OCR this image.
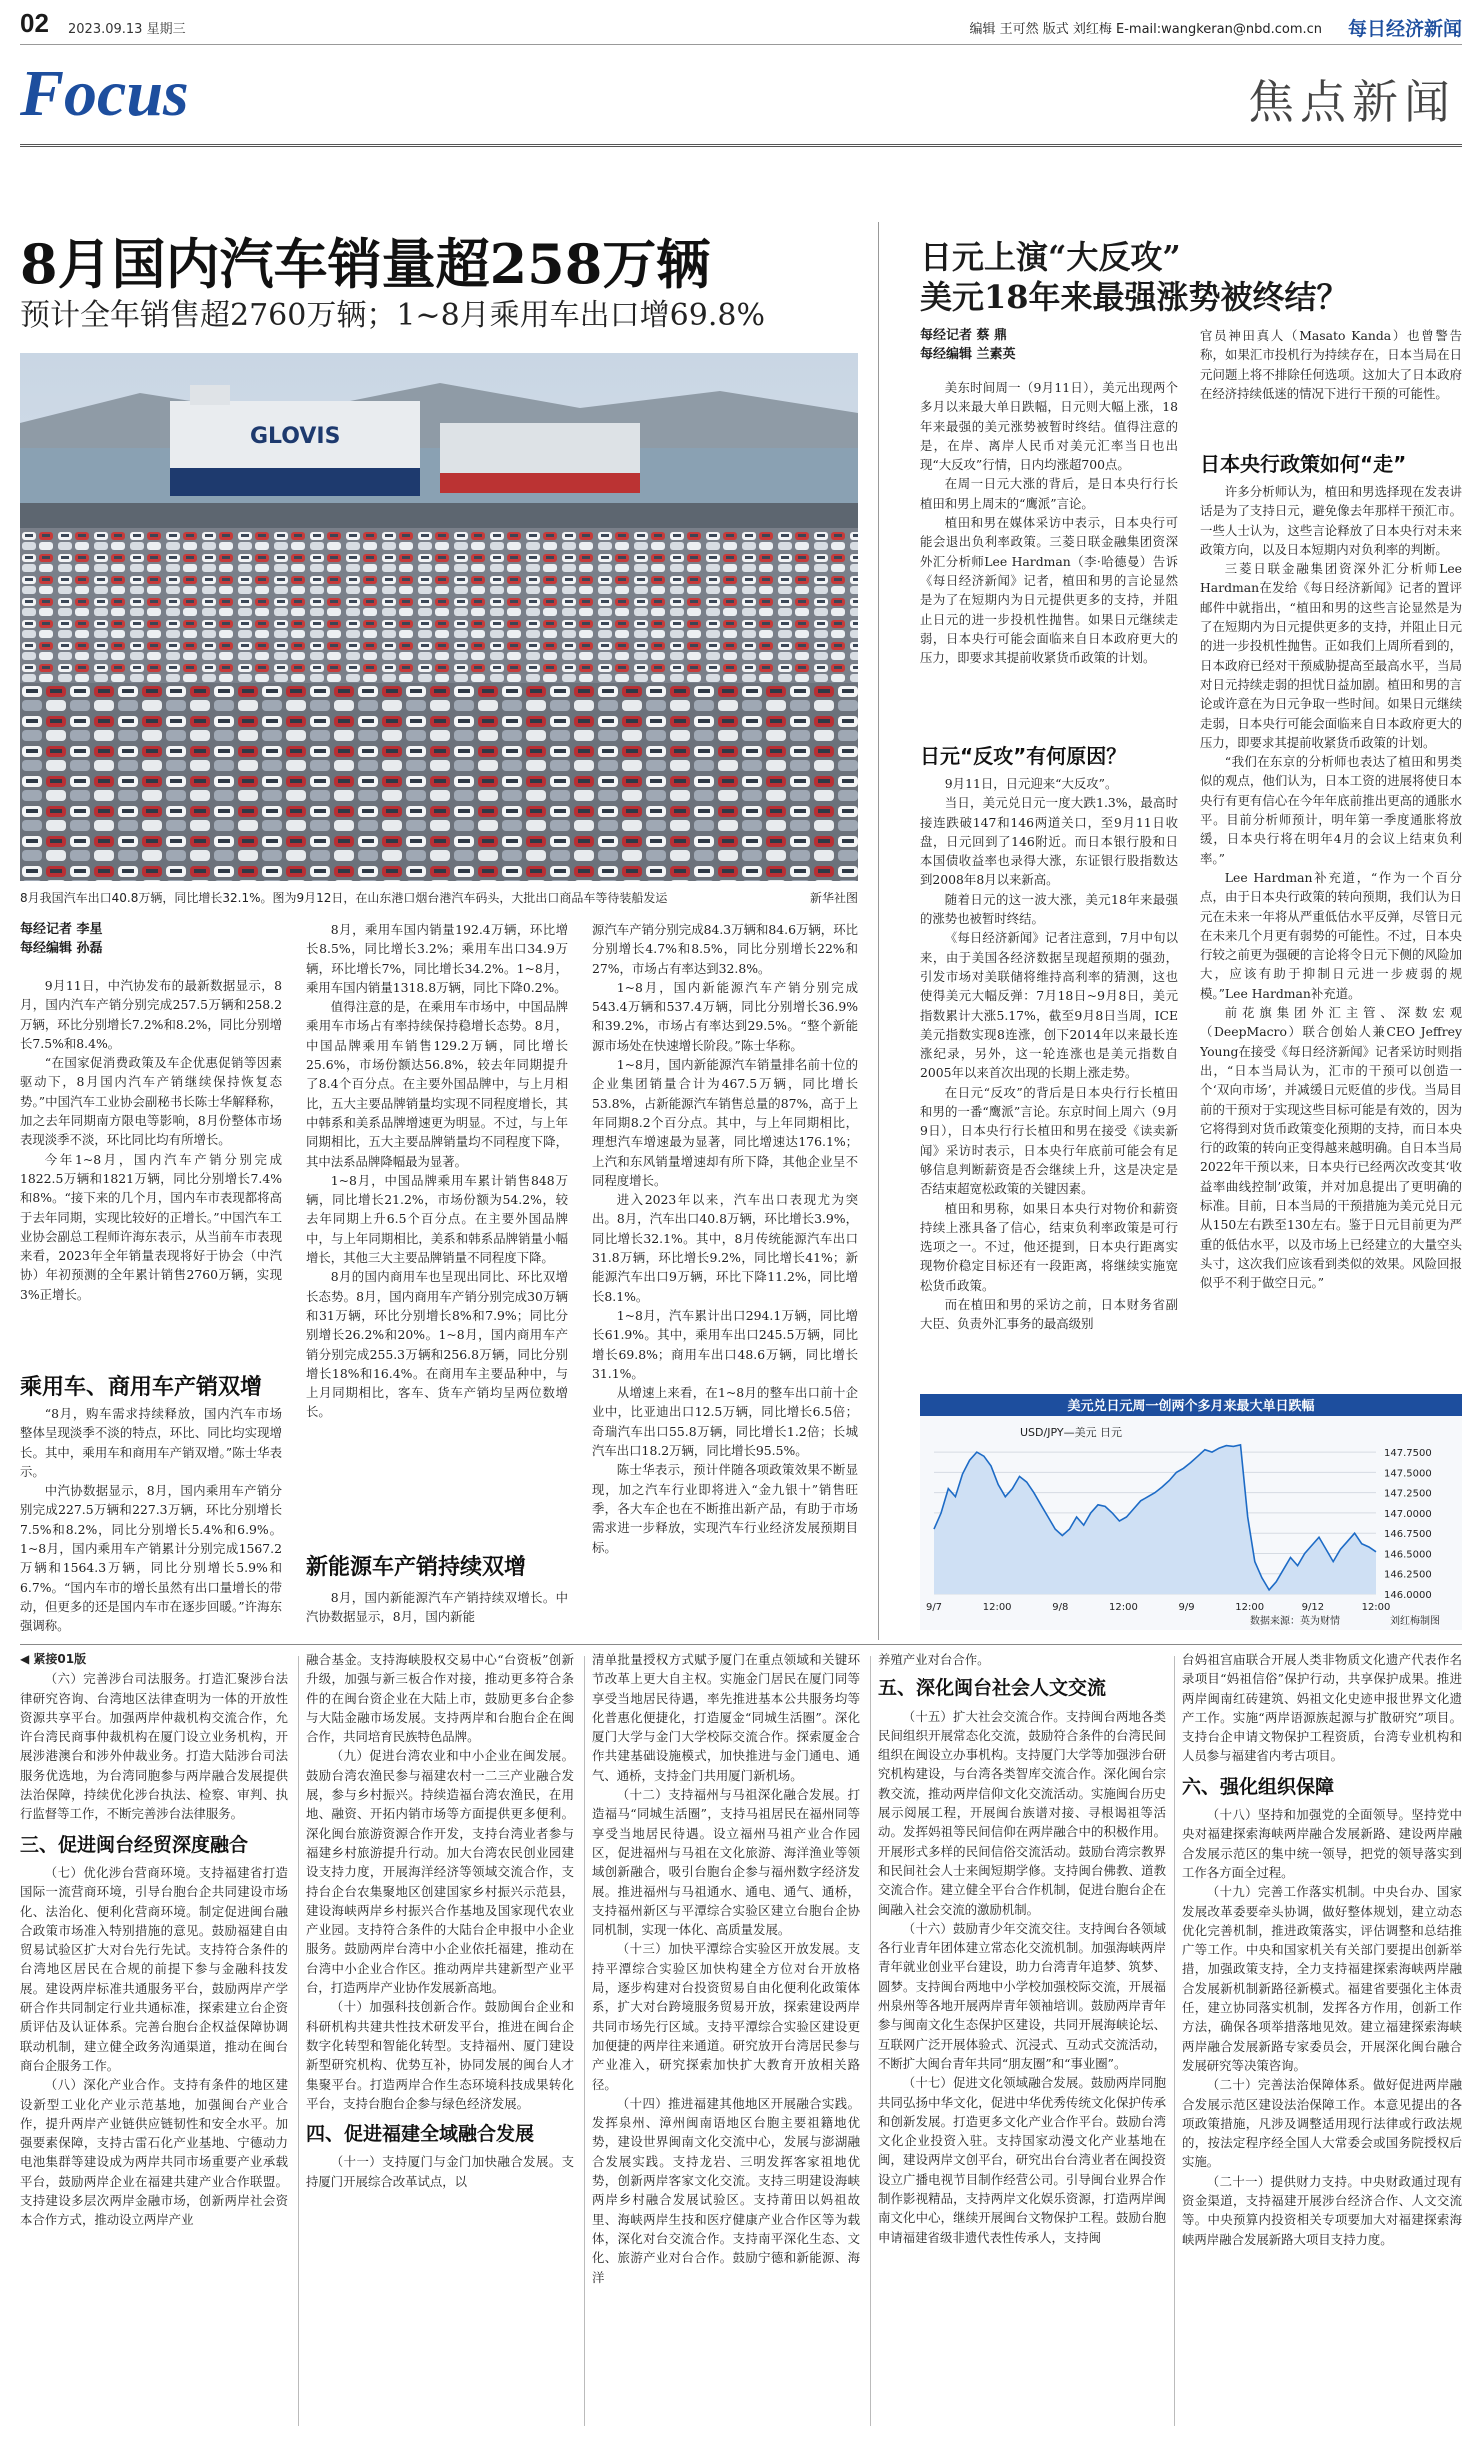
02 2023.09.13 星期三	编辑 王可然 版式 刘红梅 E-mail:wangkeran@nbd.com.cn 每日经济新闻
Focus	焦点新闻
8月国内汽车销量超258万辆
预计全年销售超2760万辆；1~8月乘用车出口增69.8%
GLOVIS
8月我国汽车出口40.8万辆，同比增长32.1%。图为9月12日，在山东港口烟台港汽车码头，大批出口商品车等待装船发运	新华社图
每经记者 李星
每经编辑 孙磊

9月11日，中汽协发布的最新数据显示，8月，国内汽车产销分别完成257.5万辆和258.2万辆，环比分别增长7.2%和8.2%，同比分别增长7.5%和8.4%。

“在国家促消费政策及车企优惠促销等因素驱动下，8月国内汽车产销继续保持恢复态势。”中国汽车工业协会副秘书长陈士华解释称，加之去年同期南方限电等影响，8月份整体市场表现淡季不淡，环比同比均有所增长。

今年1~8月，国内汽车产销分别完成1822.5万辆和1821万辆，同比分别增长7.4%和8%。“接下来的几个月，国内车市表现都将高于去年同期，实现比较好的正增长。”中国汽车工业协会副总工程师许海东表示，从当前车市表现来看，2023年全年销量表现将好于协会（中汽协）年初预测的全年累计销售2760万辆，实现3%正增长。

乘用车、商用车产销双增

“8月，购车需求持续释放，国内汽车市场整体呈现淡季不淡的特点，环比、同比均实现增长。其中，乘用车和商用车产销双增。”陈士华表示。

中汽协数据显示，8月，国内乘用车产销分别完成227.5万辆和227.3万辆，环比分别增长7.5%和8.2%，同比分别增长5.4%和6.9%。1~8月，国内乘用车产销累计分别完成1567.2万辆和1564.3万辆，同比分别增长5.9%和6.7%。“国内车市的增长虽然有出口量增长的带动，但更多的还是国内车市在逐步回暖。”许海东强调称。

8月，乘用车国内销量192.4万辆，环比增长8.5%，同比增长3.2%；乘用车出口34.9万辆，环比增长7%，同比增长34.2%。1~8月，乘用车国内销量1318.8万辆，同比下降0.2%。

值得注意的是，在乘用车市场中，中国品牌乘用车市场占有率持续保持稳增长态势。8月，中国品牌乘用车销售129.2万辆，同比增长25.6%，市场份额达56.8%，较去年同期提升了8.4个百分点。在主要外国品牌中，与上月相比，五大主要品牌销量均实现不同程度增长，其中韩系和美系品牌增速更为明显。不过，与上年同期相比，五大主要品牌销量均不同程度下降，其中法系品牌降幅最为显著。

1~8月，中国品牌乘用车累计销售848万辆，同比增长21.2%，市场份额为54.2%，较去年同期上升6.5个百分点。在主要外国品牌中，与上年同期相比，美系和韩系品牌销量小幅增长，其他三大主要品牌销量不同程度下降。

8月的国内商用车也呈现出同比、环比双增长态势。8月，国内商用车产销分别完成30万辆和31万辆，环比分别增长8%和7.9%；同比分别增长26.2%和20%。1~8月，国内商用车产销分别完成255.3万辆和256.8万辆，同比分别增长18%和16.4%。在商用车主要品种中，与上月同期相比，客车、货车产销均呈两位数增长。

新能源车产销持续双增

8月，国内新能源汽车产销持续双增长。中汽协数据显示，8月，国内新能

源汽车产销分别完成84.3万辆和84.6万辆，环比分别增长4.7%和8.5%，同比分别增长22%和27%，市场占有率达到32.8%。

1~8月，国内新能源汽车产销分别完成543.4万辆和537.4万辆，同比分别增长36.9%和39.2%，市场占有率达到29.5%。“整个新能源市场处在快速增长阶段。”陈士华称。

1~8月，国内新能源汽车销量排名前十位的企业集团销量合计为467.5万辆，同比增长53.8%，占新能源汽车销售总量的87%，高于上年同期8.2个百分点。其中，与上年同期相比，理想汽车增速最为显著，同比增速达176.1%；上汽和东风销量增速却有所下降，其他企业呈不同程度增长。

进入2023年以来，汽车出口表现尤为突出。8月，汽车出口40.8万辆，环比增长3.9%，同比增长32.1%。其中，8月传统能源汽车出口31.8万辆，环比增长9.2%，同比增长41%；新能源汽车出口9万辆，环比下降11.2%，同比增长8.1%。

1~8月，汽车累计出口294.1万辆，同比增长61.9%。其中，乘用车出口245.5万辆，同比增长69.8%；商用车出口48.6万辆，同比增长31.1%。

从增速上来看，在1~8月的整车出口前十企业中，比亚迪出口12.5万辆，同比增长6.5倍；奇瑞汽车出口55.8万辆，同比增长1.2倍；长城汽车出口18.2万辆，同比增长95.5%。

陈士华表示，预计伴随各项政策效果不断显现，加之汽车行业即将进入“金九银十”销售旺季，各大车企也在不断推出新产品，有助于市场需求进一步释放，实现汽车行业经济发展预期目标。

日元上演“大反攻”
美元18年来最强涨势被终结？
每经记者 蔡 鼎
每经编辑 兰素英

美东时间周一（9月11日），美元出现两个多月以来最大单日跌幅，日元则大幅上涨，18年来最强的美元涨势被暂时终结。值得注意的是，在岸、离岸人民币对美元汇率当日也出现“大反攻”行情，日内均涨超700点。

在周一日元大涨的背后，是日本央行行长植田和男上周末的“鹰派”言论。

植田和男在媒体采访中表示，日本央行可能会退出负利率政策。三菱日联金融集团资深外汇分析师Lee Hardman（李·哈德曼）告诉《每日经济新闻》记者，植田和男的言论显然是为了在短期内为日元提供更多的支持，并阻止日元的进一步投机性抛售。如果日元继续走弱，日本央行可能会面临来自日本政府更大的压力，即要求其提前收紧货币政策的计划。

日元“反攻”有何原因？

9月11日，日元迎来“大反攻”。

当日，美元兑日元一度大跌1.3%，最高时接连跌破147和146两道关口，至9月11日收盘，日元回到了146附近。而日本银行股和日本国债收益率也录得大涨，东证银行股指数达到2008年8月以来新高。

随着日元的这一波大涨，美元18年来最强的涨势也被暂时终结。

《每日经济新闻》记者注意到，7月中旬以来，由于美国各经济数据呈现超预期的强劲，引发市场对美联储将维持高利率的猜测，这也使得美元大幅反弹：7月18日~9月8日，美元指数累计大涨5.17%，截至9月8日当周，ICE美元指数实现8连涨，创下2014年以来最长连涨纪录，另外，这一轮连涨也是美元指数自2005年以来首次出现的长期上涨走势。

在日元“反攻”的背后是日本央行行长植田和男的一番“鹰派”言论。东京时间上周六（9月9日），日本央行行长植田和男在接受《读卖新闻》采访时表示，日本央行年底前可能会有足够信息判断薪资是否会继续上升，这是决定是否结束超宽松政策的关键因素。

植田和男称，如果日本央行对物价和薪资持续上涨具备了信心，结束负利率政策是可行选项之一。不过，他还提到，日本央行距离实现物价稳定目标还有一段距离，将继续实施宽松货币政策。

而在植田和男的采访之前，日本财务省副大臣、负责外汇事务的最高级别

官员神田真人（Masato Kanda）也曾警告称，如果汇市投机行为持续存在，日本当局在日元问题上将不排除任何选项。这加大了日本政府在经济持续低迷的情况下进行干预的可能性。

日本央行政策如何“走”

许多分析师认为，植田和男选择现在发表讲话是为了支持日元，避免像去年那样干预汇市。一些人士认为，这些言论释放了日本央行对未来政策方向，以及日本短期内对负利率的判断。

三菱日联金融集团资深外汇分析师Lee Hardman在发给《每日经济新闻》记者的置评邮件中就指出，“植田和男的这些言论显然是为了在短期内为日元提供更多的支持，并阻止日元的进一步投机性抛售。正如我们上周所看到的，日本政府已经对干预威胁提高至最高水平，当局对日元持续走弱的担忧日益加剧。植田和男的言论或许意在为日元争取一些时间。如果日元继续走弱，日本央行可能会面临来自日本政府更大的压力，即要求其提前收紧货币政策的计划。

“我们在东京的分析师也表达了植田和男类似的观点，他们认为，日本工资的进展将使日本央行有更有信心在今年年底前推出更高的通胀水平。目前分析师预计，明年第一季度通胀将放缓，日本央行将在明年4月的会议上结束负利率。”

Lee Hardman补充道，“作为一个百分点，由于日本央行政策的转向预期，我们认为日元在未来一年将从严重低估水平反弹，尽管日元在未来几个月更有弱势的可能性。不过，日本央行较之前更为强硬的言论将令日元下侧的风险加大，应该有助于抑制日元进一步疲弱的规模。”Lee Hardman补充道。

前花旗集团外汇主管、深数宏观（DeepMacro）联合创始人兼CEO Jeffrey Young在接受《每日经济新闻》记者采访时则指出，“日本当局认为，汇市的干预可以创造一个‘双向市场’，并减缓日元贬值的步伐。当局目前的干预对于实现这些目标可能是有效的，因为它将得到对货币政策变化预期的支持，而日本央行的政策的转向正变得越来越明确。自日本当局2022年干预以来，日本央行已经两次改变其‘收益率曲线控制’政策，并对加息提出了更明确的标准。目前，日本当局的干预措施为美元兑日元从150左右跌至130左右。鉴于日元目前更为严重的低估水平，以及市场上已经建立的大量空头头寸，这次我们应该看到类似的效果。风险回报似乎不利于做空日元。”

美元兑日元周一创两个多月来最大单日跌幅
147.7500
147.5000
147.2500
147.0000
146.7500
146.5000
146.2500
146.0000
9/7	12:00	9/8	12:00	9/9	12:00	9/12	12:00
USD/JPY—美元 日元
数据来源：英为财情	刘红梅制图
◀ 紧接01版

（六）完善涉台司法服务。打造汇聚涉台法律研究咨询、台湾地区法律查明为一体的开放性资源共享平台。加强两岸仲裁机构交流合作，允许台湾民商事仲裁机构在厦门设立业务机构，开展涉港澳台和涉外仲裁业务。打造大陆涉台司法服务优选地，为台湾同胞参与两岸融合发展提供法治保障，持续优化涉台执法、检察、审判、执行监督等工作，不断完善涉台法律服务。

三、促进闽台经贸深度融合

（七）优化涉台营商环境。支持福建省打造国际一流营商环境，引导台胞台企共同建设市场化、法治化、便利化营商环境。制定促进闽台融合政策市场准入特别措施的意见。鼓励福建自由贸易试验区扩大对台先行先试。支持符合条件的台湾地区居民在合规的前提下参与金融科技发展。建设两岸标准共通服务平台，鼓励两岸产学研合作共同制定行业共通标准，探索建立台企资质评估及认证体系。完善台胞台企权益保障协调联动机制，建立健全政务沟通渠道，推动在闽台商台企服务工作。

（八）深化产业合作。支持有条件的地区建设新型工业化产业示范基地，加强闽台产业合作，提升两岸产业链供应链韧性和安全水平。加强要素保障，支持古雷石化产业基地、宁德动力电池集群等建设成为两岸共同市场重要产业承载平台，鼓励两岸企业在福建共建产业合作联盟。支持建设多层次两岸金融市场，创新两岸社会资本合作方式，推动设立两岸产业

融合基金。支持海峡股权交易中心“台资板”创新升级，加强与新三板合作对接，推动更多符合条件的在闽台资企业在大陆上市，鼓励更多台企参与大陆金融市场发展。支持两岸和台胞台企在闽合作，共同培育民族特色品牌。

（九）促进台湾农业和中小企业在闽发展。鼓励台湾农渔民参与福建农村一二三产业融合发展，参与乡村振兴。持续造福台湾农渔民，在用地、融资、开拓内销市场等方面提供更多便利。深化闽台旅游资源合作开发，支持台湾业者参与福建乡村旅游提升行动。加大台湾农民创业园建设支持力度，开展海洋经济等领域交流合作，支持台企台农集聚地区创建国家乡村振兴示范县，建设海峡两岸乡村振兴合作基地及国家现代农业产业园。支持符合条件的大陆台企申报中小企业服务。鼓励两岸台湾中小企业依托福建，推动在台湾中小企业合作区。推动两岸共建新型产业平台，打造两岸产业协作发展新高地。

（十）加强科技创新合作。鼓励闽台企业和科研机构共建共性技术研发平台，推进在闽台企数字化转型和智能化转型。支持福州、厦门建设新型研究机构、优势互补，协同发展的闽台人才集聚平台。打造两岸合作生态环境科技成果转化平台，支持台胞台企参与绿色经济发展。

四、促进福建全域融合发展

（十一）支持厦门与金门加快融合发展。支持厦门开展综合改革试点，以

清单批量授权方式赋予厦门在重点领域和关键环节改革上更大自主权。实施金门居民在厦门同等享受当地居民待遇，率先推进基本公共服务均等化普惠化便捷化，打造厦金“同城生活圈”。深化厦门大学与金门大学校际交流合作。探索厦金合作共建基础设施模式，加快推进与金门通电、通气、通桥，支持金门共用厦门新机场。

（十二）支持福州与马祖深化融合发展。打造福马“同城生活圈”，支持马祖居民在福州同等享受当地居民待遇。设立福州马祖产业合作园区，促进福州与马祖在文化旅游、海洋渔业等领域创新融合，吸引台胞台企参与福州数字经济发展。推进福州与马祖通水、通电、通气、通桥，支持福州新区与平潭综合实验区建立台胞台企协同机制，实现一体化、高质量发展。

（十三）加快平潭综合实验区开放发展。支持平潭综合实验区加快构建全方位对台开放格局，逐步构建对台投资贸易自由化便利化政策体系，扩大对台跨境服务贸易开放，探索建设两岸共同市场先行区域。支持平潭综合实验区建设更加便捷的两岸往来通道。研究放开台湾居民参与产业准入，研究探索加快扩大教育开放相关路径。

（十四）推进福建其他地区开展融合实践。发挥泉州、漳州闽南语地区台胞主要祖籍地优势，建设世界闽南文化交流中心，发展与澎湖融合发展实践。支持龙岩、三明发挥客家祖地优势，创新两岸客家文化交流。支持三明建设海峡两岸乡村融合发展试验区。支持莆田以妈祖故里、海峡两岸生技和医疗健康产业合作区等为载体，深化对台交流合作。支持南平深化生态、文化、旅游产业对台合作。鼓励宁德和新能源、海洋

养殖产业对台合作。

五、深化闽台社会人文交流

（十五）扩大社会交流合作。支持闽台两地各类民间组织开展常态化交流，鼓励符合条件的台湾民间组织在闽设立办事机构。支持厦门大学等加强涉台研究机构建设，与台湾各类智库交流合作。深化闽台宗教交流，推动两岸信仰文化交流活动。实施闽台历史展示阅展工程，开展闽台族谱对接、寻根谒祖等活动。发挥妈祖等民间信仰在两岸融合中的积极作用。开展形式多样的民间信俗交流活动。鼓励台湾宗教界和民间社会人士来闽短期学修。支持闽台佛教、道教交流合作。建立健全平台合作机制，促进台胞台企在闽融入社会交流的激励机制。

（十六）鼓励青少年交流交往。支持闽台各领域各行业青年团体建立常态化交流机制。加强海峡两岸青年就业创业平台建设，助力台湾青年追梦、筑梦、圆梦。支持闽台两地中小学校加强校际交流，开展福州泉州等各地开展两岸青年领袖培训。鼓励两岸青年参与闽南文化生态保护区建设，共同开展海峡论坛、互联网广泛开展体验式、沉浸式、互动式交流活动，不断扩大闽台青年共同“朋友圈”和“事业圈”。

（十七）促进文化领域融合发展。鼓励两岸同胞共同弘扬中华文化，促进中华优秀传统文化保护传承和创新发展。打造更多文化产业合作平台。鼓励台湾文化企业投资入驻。支持国家动漫文化产业基地在闽，建设两岸文创平台，研究出台台湾业者在闽投资设立广播电视节目制作经营公司。引导闽台业界合作制作影视精品，支持两岸文化娱乐资源，打造两岸闽南文化中心，继续开展闽台文物保护工程。鼓励台胞申请福建省级非遗代表性传承人，支持闽

台妈祖宫庙联合开展人类非物质文化遗产代表作名录项目“妈祖信俗”保护行动，共享保护成果。推进两岸闽南红砖建筑、妈祖文化史迹申报世界文化遗产工作。实施“两岸语源族起源与扩散研究”项目。支持台企申请文物保护工程资质，台湾专业机构和人员参与福建省内考古项目。

六、强化组织保障

（十八）坚持和加强党的全面领导。坚持党中央对福建探索海峡两岸融合发展新路、建设两岸融合发展示范区的集中统一领导，把党的领导落实到工作各方面全过程。

（十九）完善工作落实机制。中央台办、国家发展改革委要牵头协调，做好整体规划，建立动态优化完善机制，推进政策落实，评估调整和总结推广等工作。中央和国家机关有关部门要提出创新举措，加强政策支持，全力支持福建探索海峡两岸融合发展新机制新路径新模式。福建省要强化主体责任，建立协同落实机制，发挥各方作用，创新工作方法，确保各项举措落地见效。建立福建探索海峡两岸融合发展新路专家委员会，开展深化闽台融合发展研究等决策咨询。

（二十）完善法治保障体系。做好促进两岸融合发展示范区建设法治保障工作。本意见提出的各项政策措施，凡涉及调整适用现行法律或行政法规的，按法定程序经全国人大常委会或国务院授权后实施。

（二十一）提供财力支持。中央财政通过现有资金渠道，支持福建开展涉台经济合作、人文交流等。中央预算内投资相关专项要加大对福建探索海峡两岸融合发展新路大项目支持力度。
